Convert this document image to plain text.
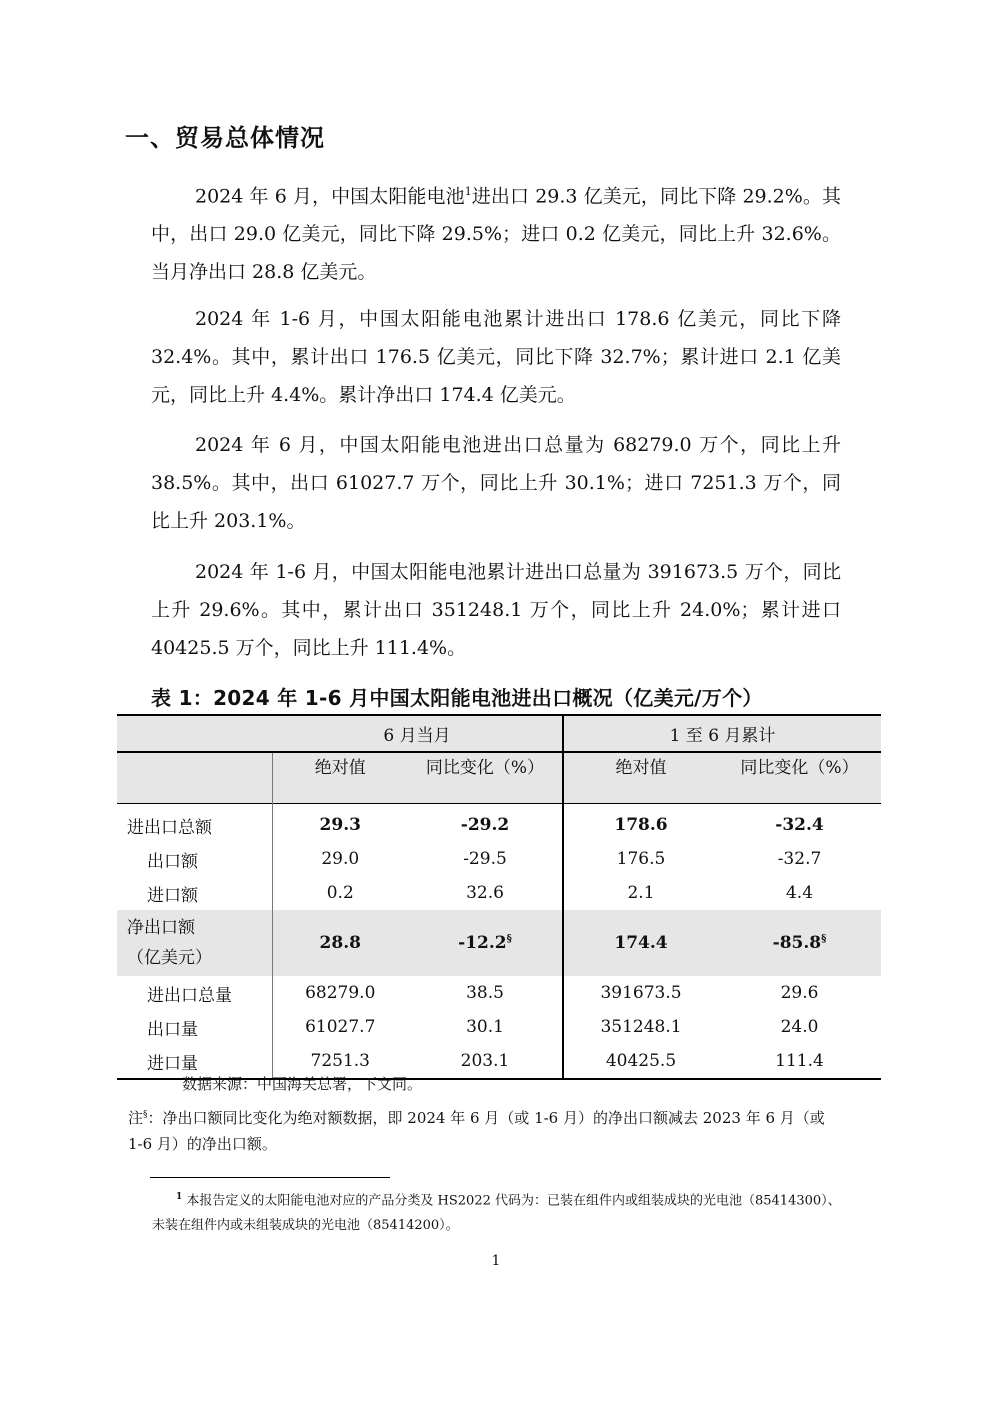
一、贸易总体情况

2024 年 6 月，中国太阳能电池$^1$进出口 29.3 亿美元，同比下降 29.2%。其中，出口 29.0 亿美元，同比下降 29.5%；进口 0.2 亿美元，同比上升 32.6%。当月净出口 28.8 亿美元。

2024 年 1-6 月，中国太阳能电池累计进出口 178.6 亿美元，同比下降 32.4%。其中，累计出口 176.5 亿美元，同比下降 32.7%；累计进口 2.1 亿美元，同比上升 4.4%。累计净出口 174.4 亿美元。

2024 年 6 月，中国太阳能电池进出口总量为 68279.0 万个，同比上升 38.5%。其中，出口 61027.7 万个，同比上升 30.1%；进口 7251.3 万个，同比上升 203.1%。

2024 年 1-6 月，中国太阳能电池累计进出口总量为 391673.5 万个，同比上升 29.6%。其中，累计出口 351248.1 万个，同比上升 24.0%；累计进口 40425.5 万个，同比上升 111.4%。

表 1：2024 年 1-6 月中国太阳能电池进出口概况（亿美元/万个）
	6 月当月		1 至 6 月累计	
	绝对值	同比变化（%）	绝对值	同比变化（%）
进出口总额	29.3	-29.2	178.6	-32.4
出口额	29.0	-29.5	176.5	-32.7
进口额	0.2	32.6	2.1	4.4
净出口额
（亿美元）	28.8	-12.2§	174.4	-85.8§
进出口总量	68279.0	38.5	391673.5	29.6
出口量	61027.7	30.1	351248.1	24.0
进口量	7251.3	203.1	40425.5	111.4
数据来源：中国海关总署，下文同。
注§：净出口额同比变化为绝对额数据，即 2024 年 6 月（或 1-6 月）的净出口额减去 2023 年 6 月（或 1-6 月）的净出口额。
$^1$ 本报告定义的太阳能电池对应的产品分类及 HS2022 代码为：已装在组件内或组装成块的光电池（85414300）、未装在组件内或未组装成块的光电池（85414200）。
1
